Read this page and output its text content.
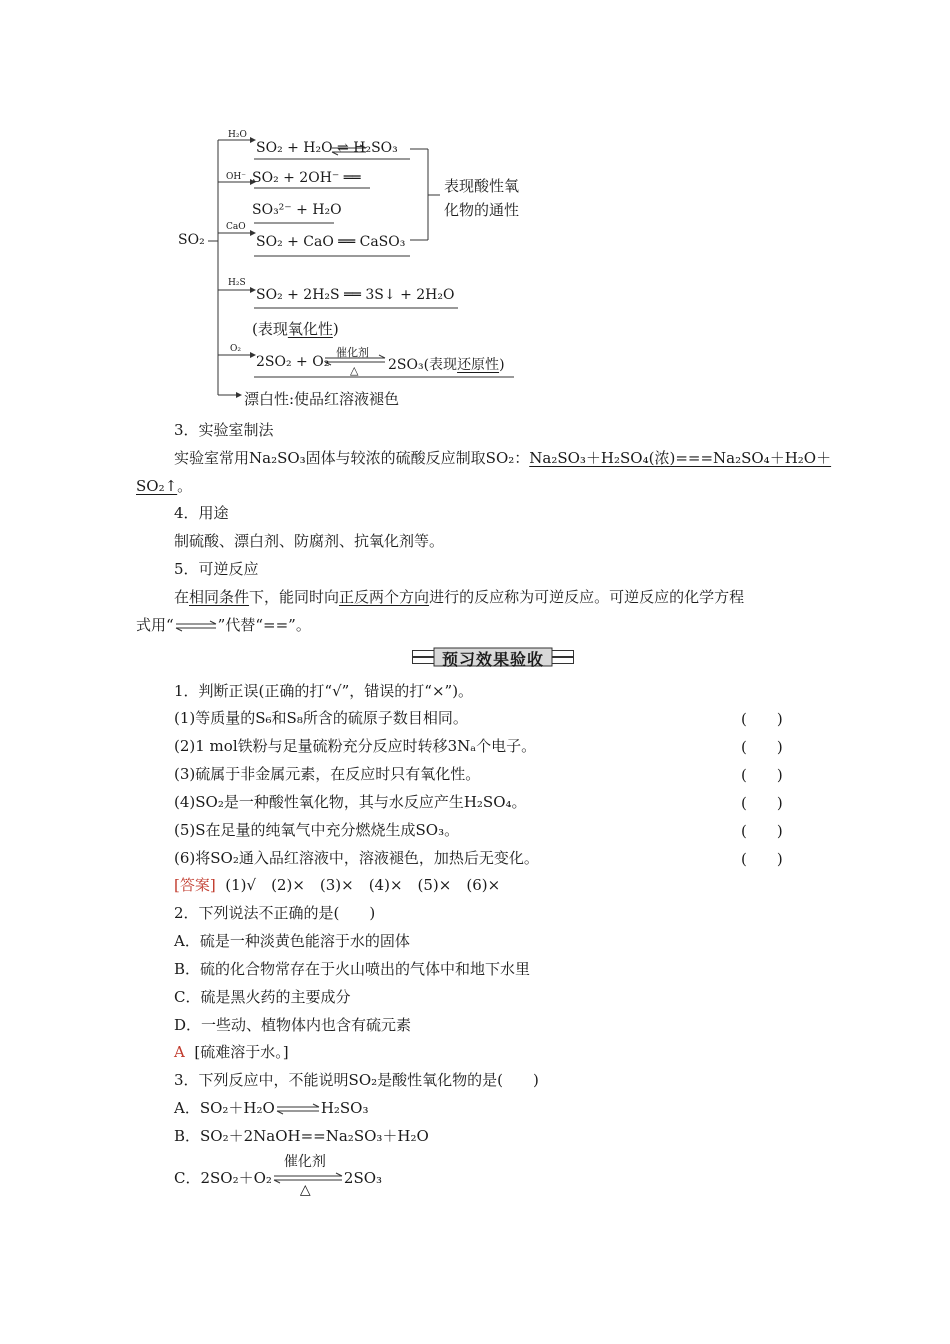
SO₂
H₂O
OH⁻
CaO
H₂S
O₂
SO₂ + H₂O ⇌ H₂SO₃
SO₂ + 2OH⁻ ══
SO₃²⁻ + H₂O
SO₂ + CaO ══ CaSO₃
表现酸性氧
化物的通性
SO₂ + 2H₂S ══ 3S↓ + 2H₂O
(表现氧化性)
2SO₂ + O₂
催化剂
△ 2SO₃(表现还原性)
漂白性:使品红溶液褪色
3．实验室制法
实验室常用Na₂SO₃固体与较浓的硫酸反应制取SO₂：Na₂SO₃＋H₂SO₄(浓)===Na₂SO₄＋H₂O＋
SO₂↑。
4．用途
制硫酸、漂白剂、防腐剂、抗氧化剂等。
5．可逆反应
在相同条件下，能同时向正反两个方向进行的反应称为可逆反应。可逆反应的化学方程
式用“⇌”代替“==”。
预习效果验收
1．判断正误(正确的打“√”，错误的打“×”)。
(1)等质量的S₆和S₈所含的硫原子数目相同。	(　　)
(2)1 mol铁粉与足量硫粉充分反应时转移3Nₐ个电子。	(　　)
(3)硫属于非金属元素，在反应时只有氧化性。	(　　)
(4)SO₂是一种酸性氧化物，其与水反应产生H₂SO₄。	(　　)
(5)S在足量的纯氧气中充分燃烧生成SO₃。	(　　)
(6)将SO₂通入品红溶液中，溶液褪色，加热后无变化。	(　　)
[答案] (1)√　(2)×　(3)×　(4)×　(5)×　(6)×
2．下列说法不正确的是(　　)
A．硫是一种淡黄色能溶于水的固体
B．硫的化合物常存在于火山喷出的气体中和地下水里
C．硫是黑火药的主要成分
D．一些动、植物体内也含有硫元素
A [硫难溶于水。]
3．下列反应中，不能说明SO₂是酸性氧化物的是(　　)
A．SO₂＋H₂O⇌H₂SO₃
B．SO₂＋2NaOH==Na₂SO₃＋H₂O
C．2SO₂＋O₂
催化剂
△
2SO₃
